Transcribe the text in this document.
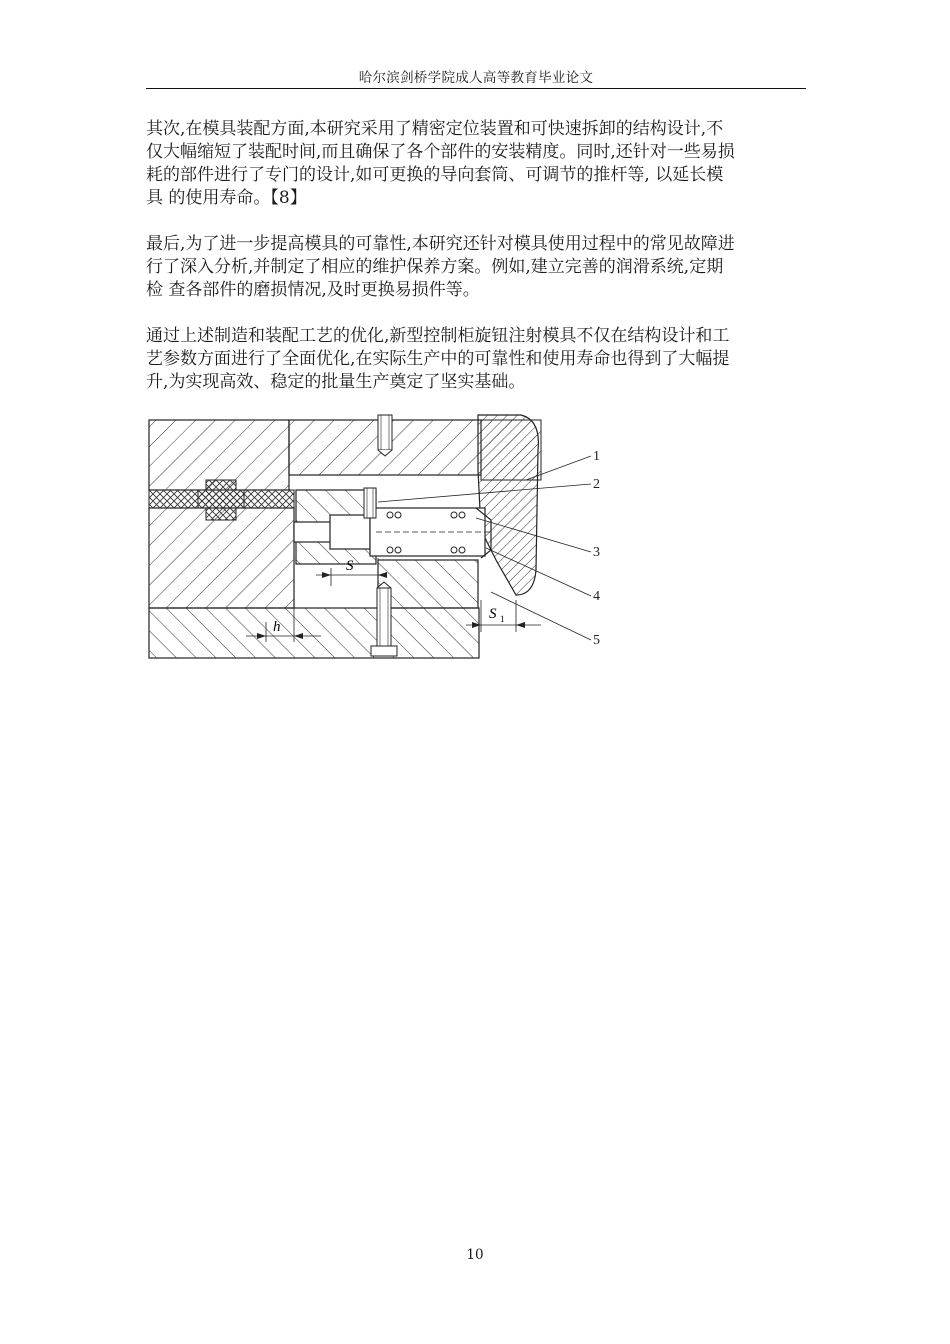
哈尔滨剑桥学院成人高等教育毕业论文
其次,在模具装配方面,本研究采用了精密定位装置和可快速拆卸的结构设计,不
仅大幅缩短了装配时间,而且确保了各个部件的安装精度。同时,还针对一些易损
耗的部件进行了专门的设计,如可更换的导向套筒、可调节的推杆等, 以延长模
具 的使用寿命。【8】
最后,为了进一步提高模具的可靠性,本研究还针对模具使用过程中的常见故障进
行了深入分析,并制定了相应的维护保养方案。例如,建立完善的润滑系统,定期
检 查各部件的磨损情况,及时更换易损件等。
通过上述制造和装配工艺的优化,新型控制柜旋钮注射模具不仅在结构设计和工
艺参数方面进行了全面优化,在实际生产中的可靠性和使用寿命也得到了大幅提
升,为实现高效、稳定的批量生产奠定了坚实基础。
S
h
S 1
1
2
3
4
5
10
